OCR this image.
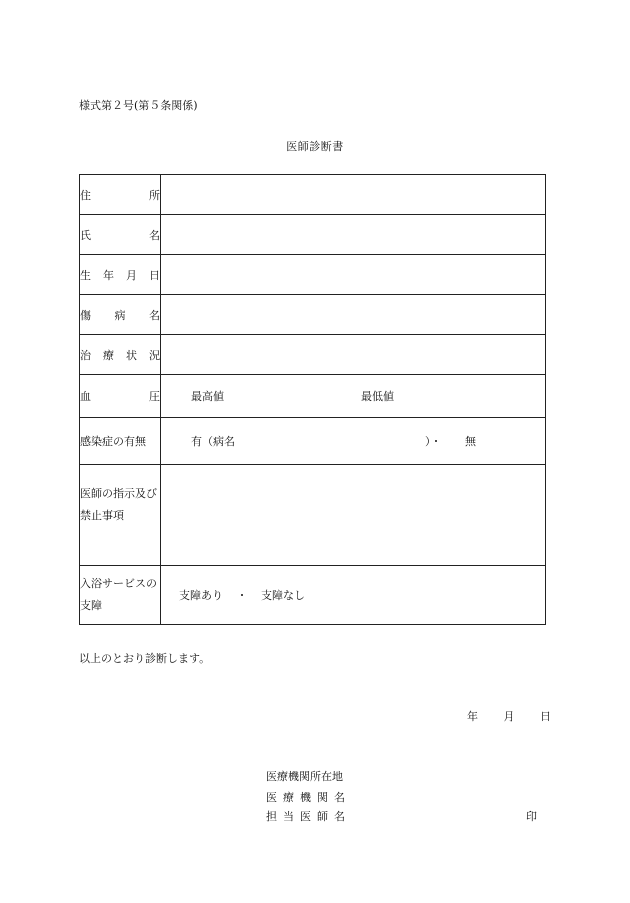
様式第２号(第５条関係)
医師診断書
住 所	

氏 名	

生 年 月 日	

傷 病 名	

治 療 状 況	

血 圧	最高値 最低値

感染症の有無	有（病名 ）・ 無

医師の指示及び禁止事項	

入浴サービスの支障	支障あり ・ 支障なし
以上のとおり診断します。
年 月 日
医療機関所在地
医療機関名
担当医師名	印
